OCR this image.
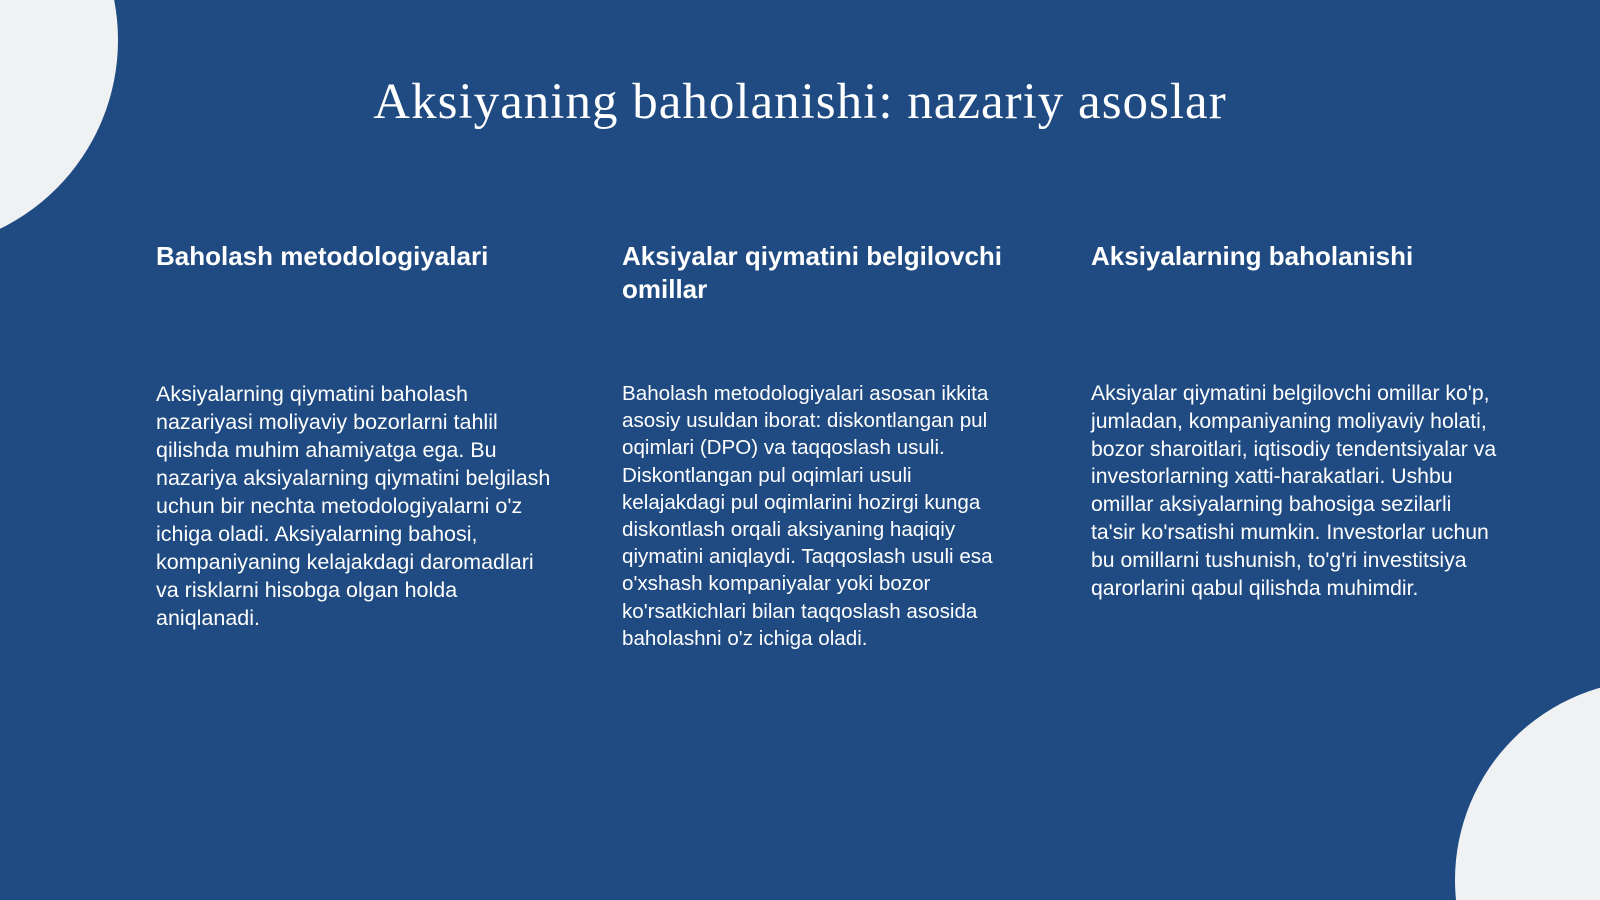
Aksiyaning baholanishi: nazariy asoslar
Baholash metodologiyalari

Aksiyalarning qiymatini baholash nazariyasi moliyaviy bozorlarni tahlil qilishda muhim ahamiyatga ega. Bu nazariya aksiyalarning qiymatini belgilash uchun bir nechta metodologiyalarni o'z ichiga oladi. Aksiyalarning bahosi, kompaniyaning kelajakdagi daromadlari va risklarni hisobga olgan holda aniqlanadi.

Aksiyalar qiymatini belgilovchi omillar

Baholash metodologiyalari asosan ikkita asosiy usuldan iborat: diskontlangan pul oqimlari (DPO) va taqqoslash usuli. Diskontlangan pul oqimlari usuli kelajakdagi pul oqimlarini hozirgi kunga diskontlash orqali aksiyaning haqiqiy qiymatini aniqlaydi. Taqqoslash usuli esa o'xshash kompaniyalar yoki bozor ko'rsatkichlari bilan taqqoslash asosida baholashni o'z ichiga oladi.

Aksiyalarning baholanishi

Aksiyalar qiymatini belgilovchi omillar ko'p, jumladan, kompaniyaning moliyaviy holati, bozor sharoitlari, iqtisodiy tendentsiyalar va investorlarning xatti-harakatlari. Ushbu omillar aksiyalarning bahosiga sezilarli ta'sir ko'rsatishi mumkin. Investorlar uchun bu omillarni tushunish, to'g'ri investitsiya qarorlarini qabul qilishda muhimdir.
